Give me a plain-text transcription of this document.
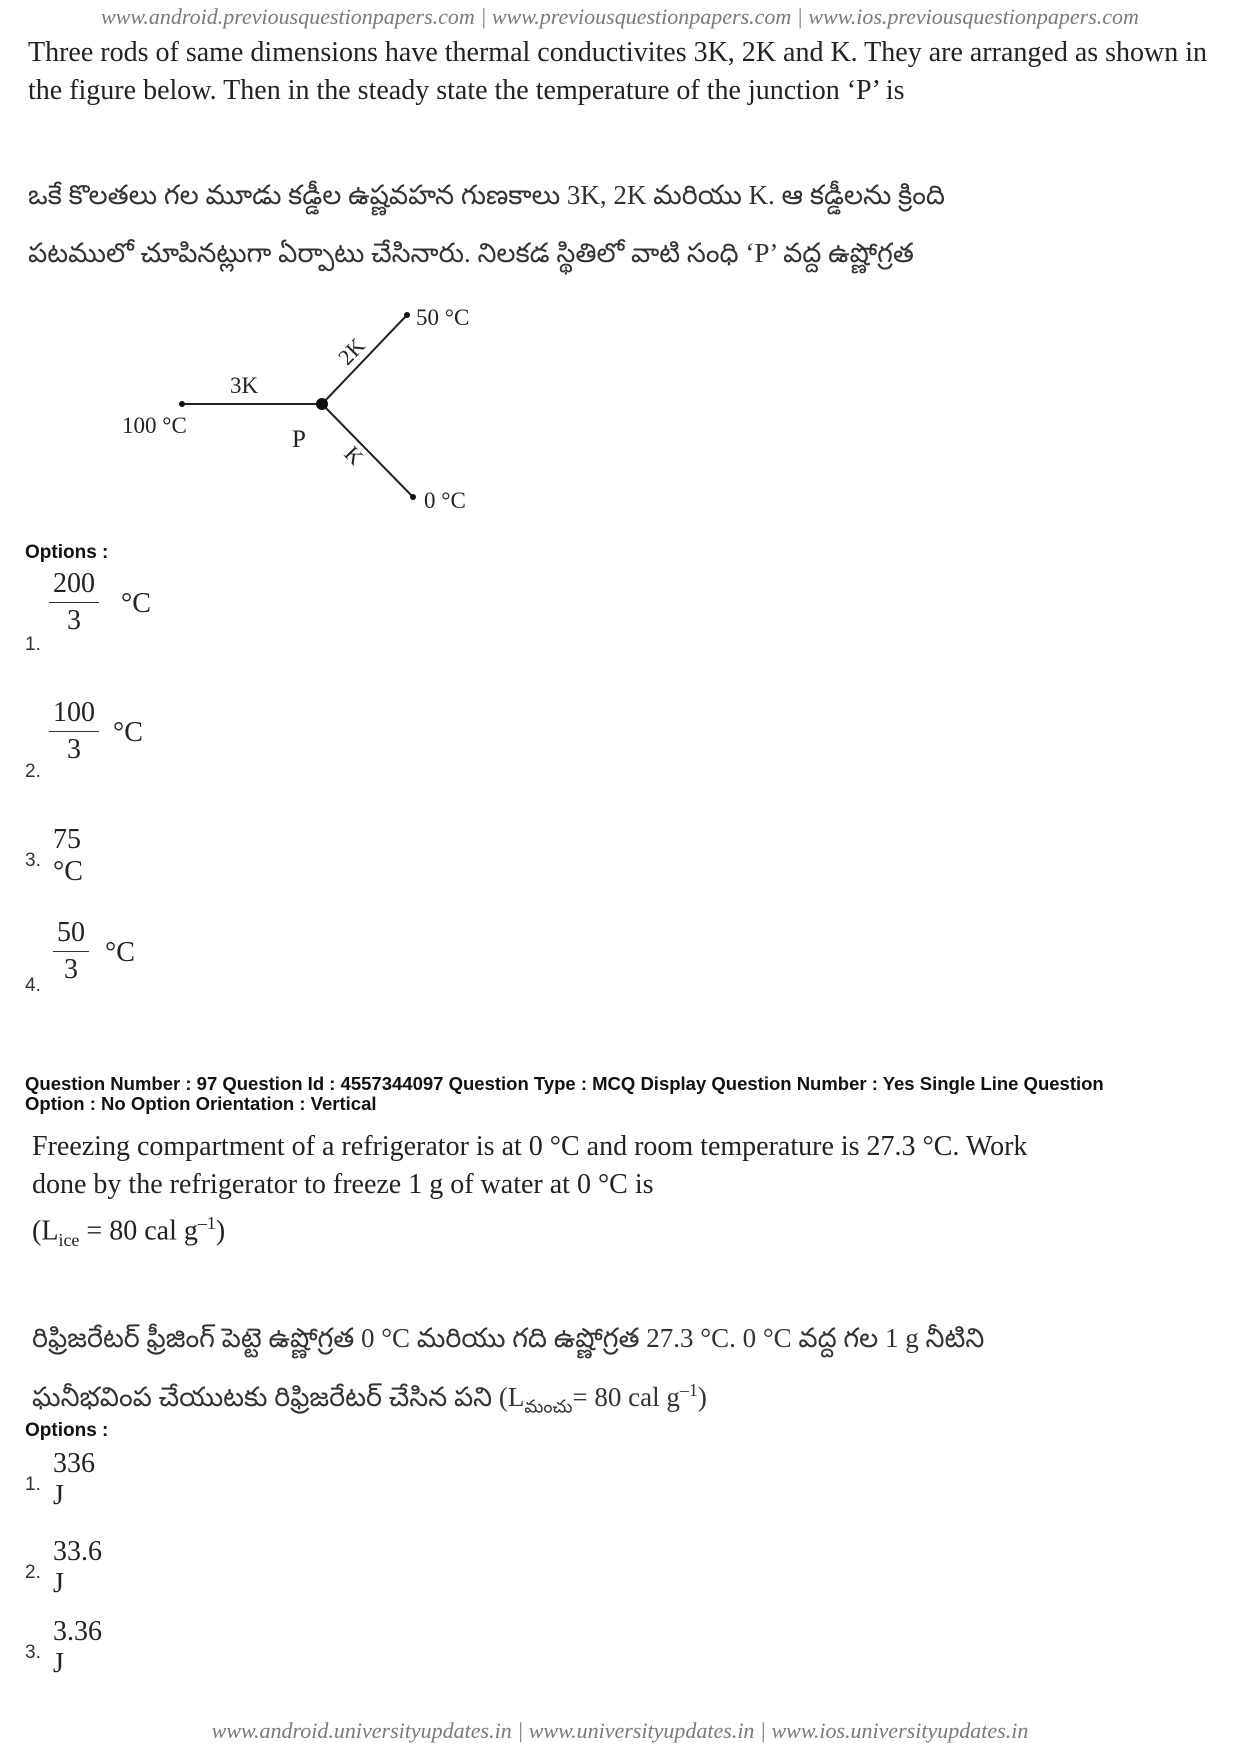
www.android.previousquestionpapers.com | www.previousquestionpapers.com | www.ios.previousquestionpapers.com
Three rods of same dimensions have thermal conductivites 3K, 2K and K. They are arranged as shown in the figure below. Then in the steady state the temperature of the junction ‘P’ is
ఒకే కొలతలు గల మూడు కడ్డీల ఉష్ణవహన గుణకాలు 3K, 2K మరియు K. ఆ కడ్డీలను క్రింది
పటములో చూపినట్లుగా ఏర్పాటు చేసినారు. నిలకడ స్థితిలో వాటి సంధి ‘P’ వద్ద ఉష్ణోగ్రత
100 °C
3K
P
2K
K
50 °C
0 °C
Options :
1.
$\frac{200}{3} ^\circ C$
2.
$\frac{100}{3} ^\circ C$
3.
75 °C
4. $\frac{50}{3} ^\circ C$
Question Number : 97 Question Id : 4557344097 Question Type : MCQ Display Question Number : Yes Single Line Question
Option : No Option Orientation : Vertical
Freezing compartment of a refrigerator is at 0 °C and room temperature is 27.3 °C. Work
done by the refrigerator to freeze 1 g of water at 0 °C is
($L_{ice} = 80$ cal $g^{-1}$)
రిఫ్రిజరేటర్ ఫ్రీజింగ్ పెట్టె ఉష్ణోగ్రత 0 °C మరియు గది ఉష్ణోగ్రత 27.3 °C. 0 °C వద్ద గల 1 g నీటిని
ఘనీభవింప చేయుటకు రిఫ్రిజరేటర్ చేసిన పని ($L_{మంచు}= 80$ cal $g^{-1}$)
Options :
1.
336 J
2.
33.6 J
3.
3.36 J
www.android.universityupdates.in | www.universityupdates.in | www.ios.universityupdates.in
